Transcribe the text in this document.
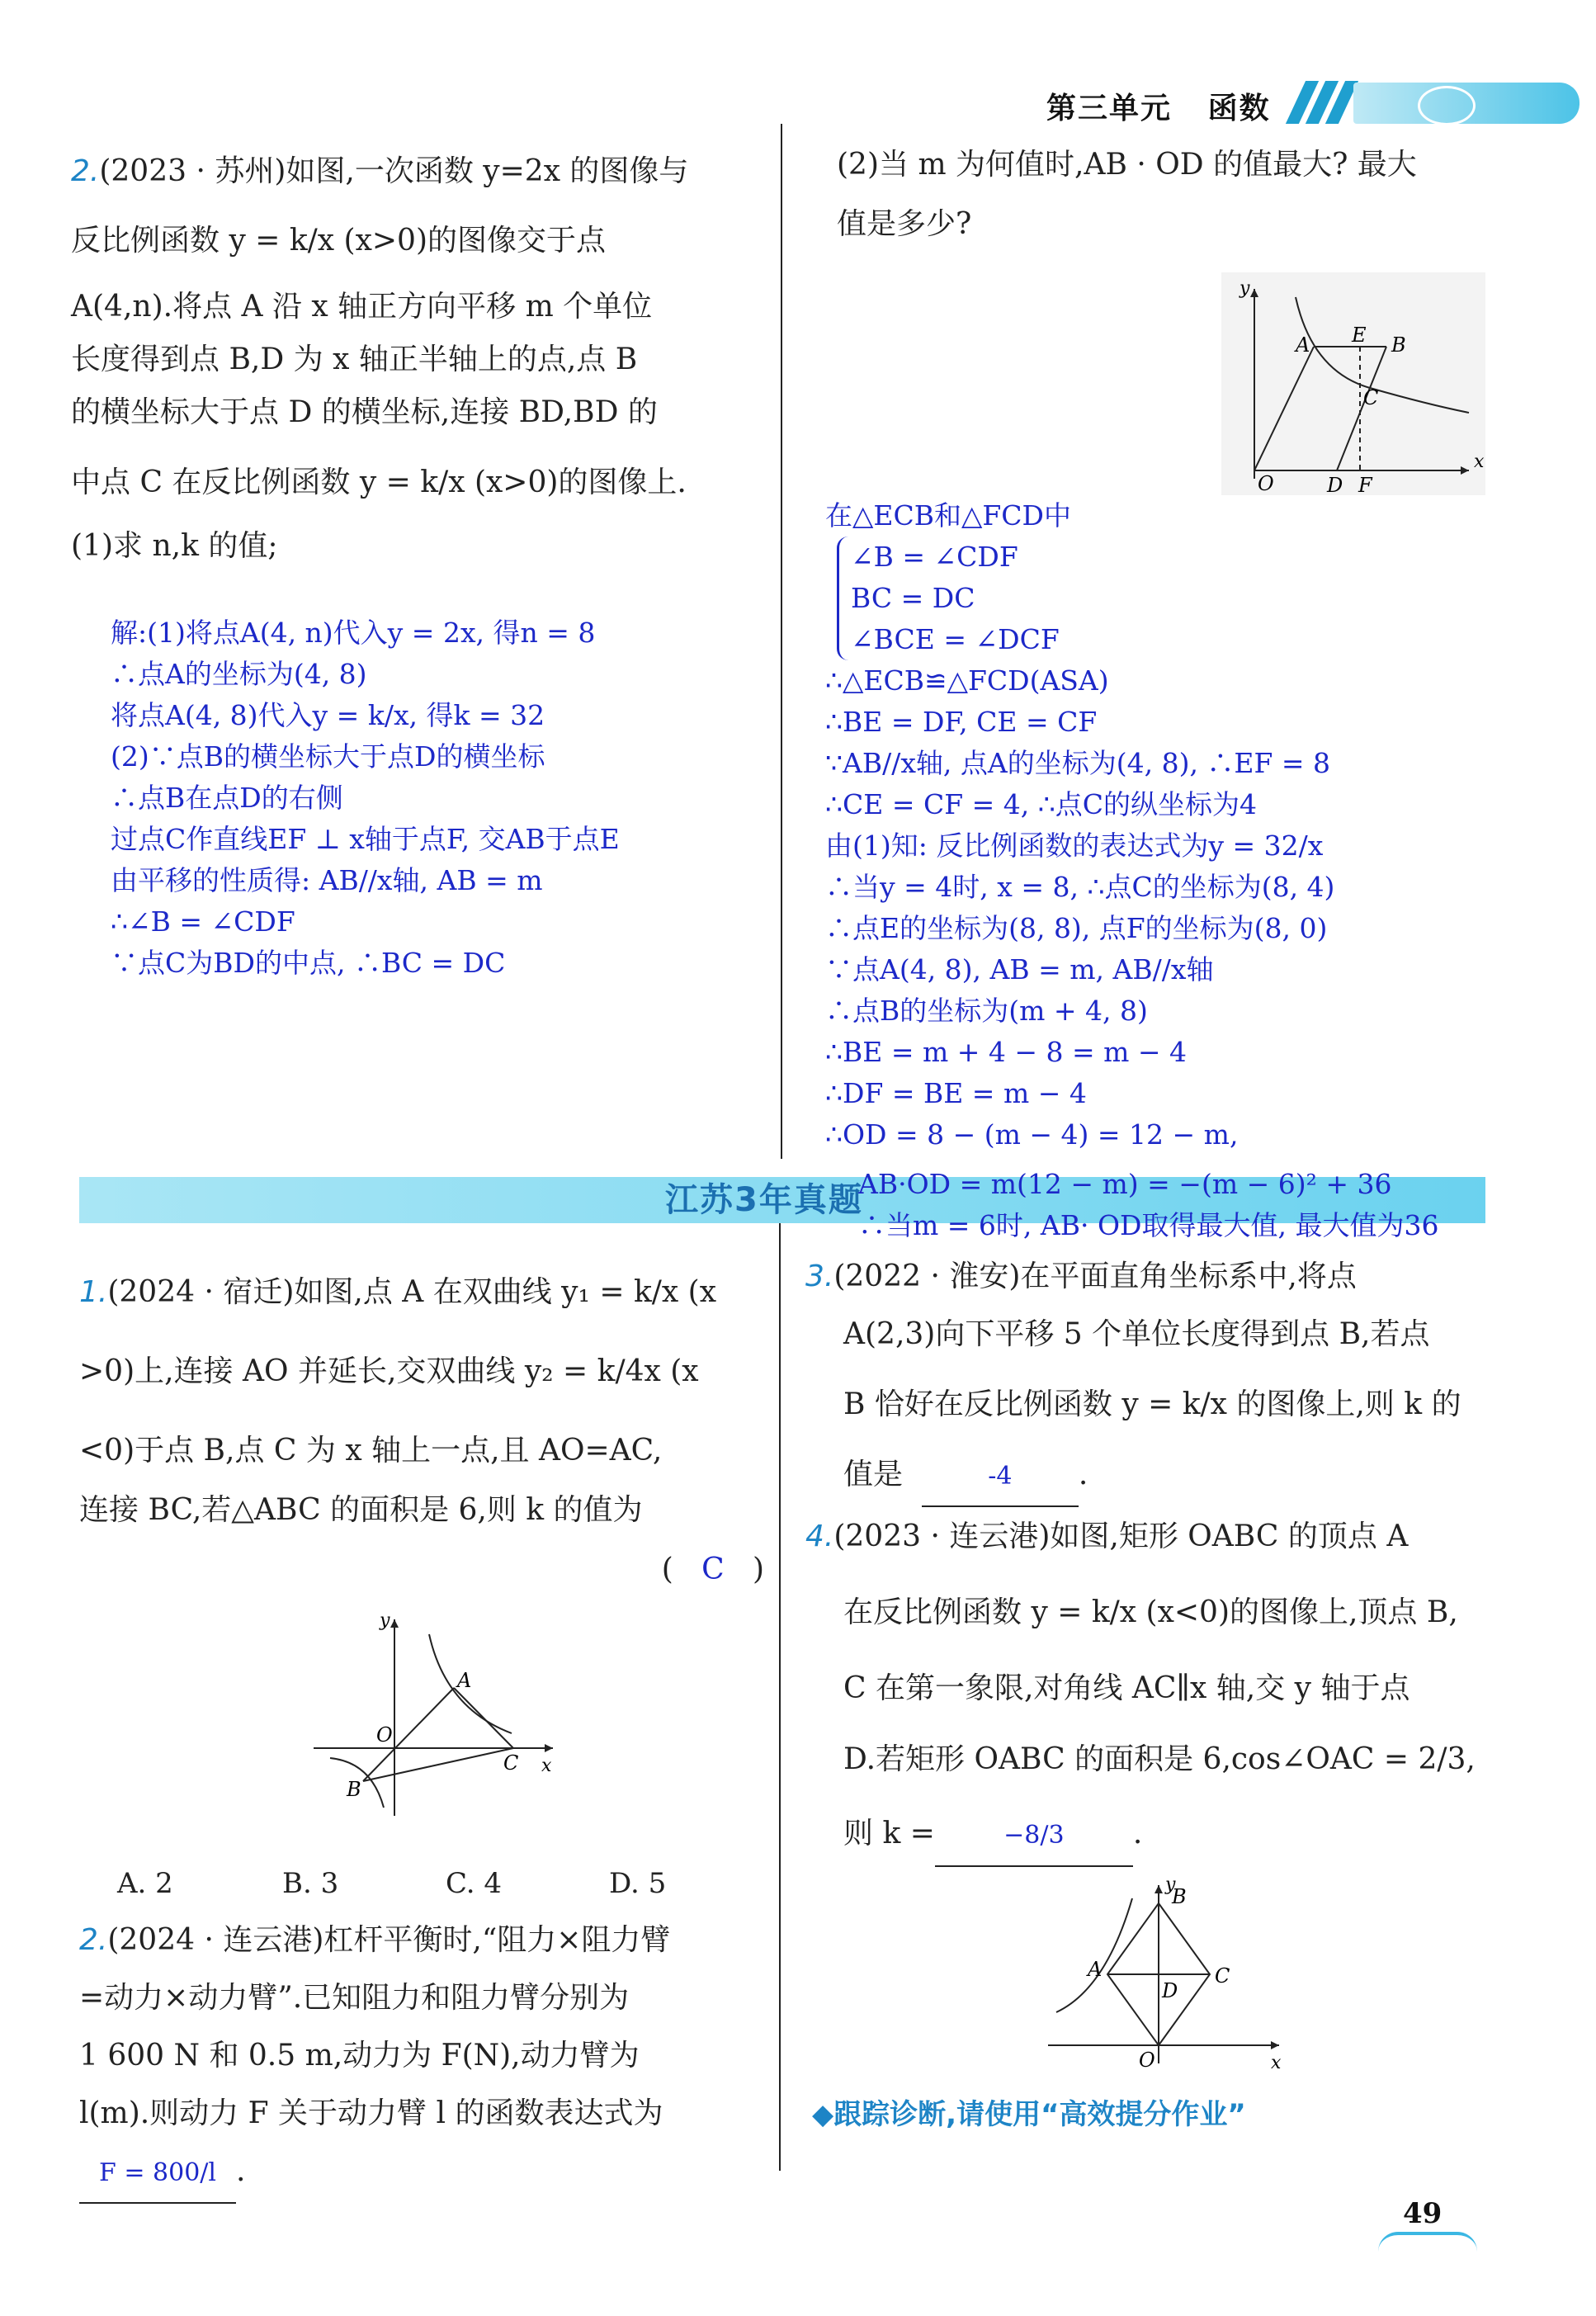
第三单元 函数
2.(2023 · 苏州)如图,一次函数 y=2x 的图像与
反比例函数 y = k/x (x>0)的图像交于点
A(4,n).将点 A 沿 x 轴正方向平移 m 个单位
长度得到点 B,D 为 x 轴正半轴上的点,点 B
的横坐标大于点 D 的横坐标,连接 BD,BD 的
中点 C 在反比例函数 y = k/x (x>0)的图像上.
(1)求 n,k 的值;
解:(1)将点A(4, n)代入y = 2x, 得n = 8
∴点A的坐标为(4, 8)
将点A(4, 8)代入y = k/x, 得k = 32
(2)∵点B的横坐标大于点D的横坐标
∴点B在点D的右侧
过点C作直线EF ⊥ x轴于点F, 交AB于点E
由平移的性质得: AB//x轴, AB = m
∴∠B = ∠CDF
∵点C为BD的中点, ∴BC = DC
(2)当 m 为何值时,AB · OD 的值最大? 最大
值是多少?
y
x
O
A E B
C
D F
在△ECB和△FCD中
∠B = ∠CDF
BC = DC
∠BCE = ∠DCF
∴△ECB≌△FCD(ASA)
∴BE = DF, CE = CF
∵AB//x轴, 点A的坐标为(4, 8), ∴EF = 8
∴CE = CF = 4, ∴点C的纵坐标为4
由(1)知: 反比例函数的表达式为y = 32/x
∴当y = 4时, x = 8, ∴点C的坐标为(8, 4)
∴点E的坐标为(8, 8), 点F的坐标为(8, 0)
∵点A(4, 8), AB = m, AB//x轴
∴点B的坐标为(m + 4, 8)
∴BE = m + 4 − 8 = m − 4
∴DF = BE = m − 4
∴OD = 8 − (m − 4) = 12 − m,
AB·OD = m(12 − m) = −(m − 6)² + 36
∴当m = 6时, AB· OD取得最大值, 最大值为36
江苏3年真题
1.(2024 · 宿迁)如图,点 A 在双曲线 y₁ = k/x (x
>0)上,连接 AO 并延长,交双曲线 y₂ = k/4x (x
<0)于点 B,点 C 为 x 轴上一点,且 AO=AC,
连接 BC,若△ABC 的面积是 6,则 k 的值为
(   C   )
y
x
O
A
B
C
A. 2	B. 3	C. 4	D. 5
2.(2024 · 连云港)杠杆平衡时,“阻力×阻力臂
=动力×动力臂”.已知阻力和阻力臂分别为
1 600 N 和 0.5 m,动力为 F(N),动力臂为
l(m).则动力 F 关于动力臂 l 的函数表达式为
F = 800/l .
3.(2022 · 淮安)在平面直角坐标系中,将点
A(2,3)向下平移 5 个单位长度得到点 B,若点
B 恰好在反比例函数 y = k/x 的图像上,则 k 的
值是	-4 .
4.(2023 · 连云港)如图,矩形 OABC 的顶点 A
在反比例函数 y = k/x (x<0)的图像上,顶点 B,
C 在第一象限,对角线 AC∥x 轴,交 y 轴于点
D.若矩形 OABC 的面积是 6,cos∠OAC = 2/3,
则 k =	−8/3 .
y
x
O
A
B
C
D
◆跟踪诊断,请使用“高效提分作业”
49
